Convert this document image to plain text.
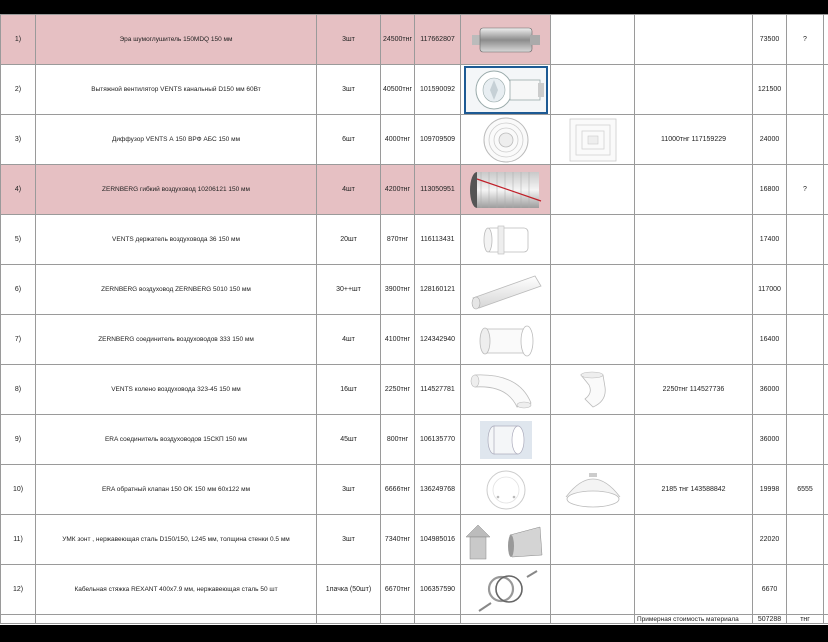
1)	Эра шумоглушитель 150MDQ 150 мм	3шт	24500тнг	117662807				73500	?	
2)	Вытяжной вентилятор VENTS канальный D150 мм 60Вт	3шт	40500тнг	101590092				121500		
3)	Диффузор VENTS А 150 ВРФ АБС 150 мм	6шт	4000тнг	109709509			11000тнг 117159229	24000		
4)	ZERNBERG гибкий воздуховод 10206121 150 мм	4шт	4200тнг	113050951				16800	?	
5)	VENTS держатель воздуховода 36 150 мм	20шт	870тнг	116113431				17400		
6)	ZERNBERG воздуховод ZERNBERG 5010 150 мм	30++шт	3900тнг	128160121				117000		
7)	ZERNBERG соединитель воздуховодов 333 150 мм	4шт	4100тнг	124342940				16400		
8)	VENTS колено воздуховода 323-45 150 мм	16шт	2250тнг	114527781			2250тнг 114527736	36000		
9)	ERA соединитель воздуховодов 15СКП 150 мм	45шт	800тнг	106135770				36000		
10)	ERA обратный клапан 150 OK 150 мм 60х122 мм	3шт	6666тнг	136249768			2185 тнг 143588842	19998	6555	
11)	УМК зонт , нержавеющая сталь D150/150, L245 мм, толщина стенки 0.5 мм	3шт	7340тнг	104985016				22020		
12)	Кабельная стяжка REXANT 400x7.9 мм, нержавеющая сталь 50 шт	1пачка (50шт)	6670тнг	106357590				6670		
							Примерная стоимость материала	507288	тнг	
